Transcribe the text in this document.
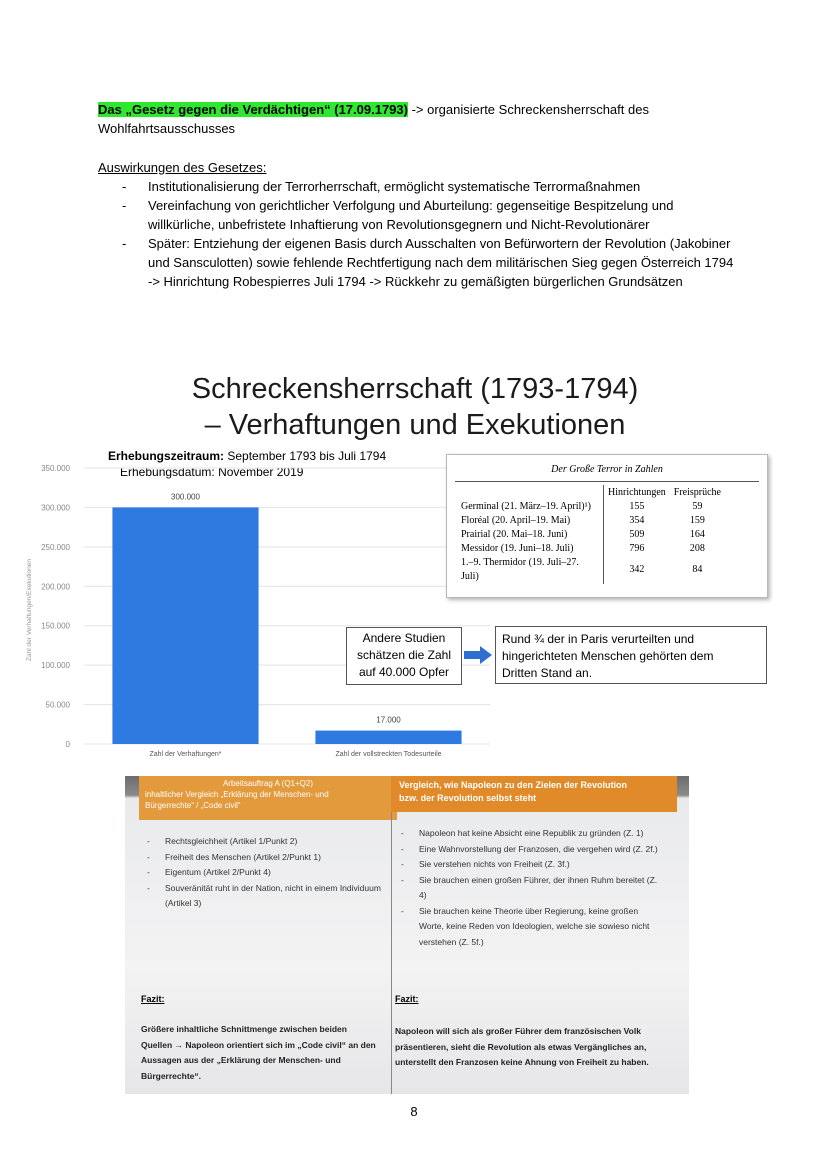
Das „Gesetz gegen die Verdächtigen“ (17.09.1793) -> organisierte Schreckensherrschaft des Wohlfahrtsausschusses
Auswirkungen des Gesetzes:
- Institutionalisierung der Terrorherrschaft, ermöglicht systematische Terrormaßnahmen
- Vereinfachung von gerichtlicher Verfolgung und Aburteilung: gegenseitige Bespitzelung und willkürliche, unbefristete Inhaftierung von Revolutionsgegnern und Nicht-Revolutionärer
- Später: Entziehung der eigenen Basis durch Ausschalten von Befürwortern der Revolution (Jakobiner und Sansculotten) sowie fehlende Rechtfertigung nach dem militärischen Sieg gegen Österreich 1794 -> Hinrichtung Robespierres Juli 1794 -> Rückkehr zu gemäßigten bürgerlichen Grundsätzen
Schreckensherrschaft (1793-1794)
– Verhaftungen und Exekutionen
Erhebungszeitraum: September 1793 bis Juli 1794
Erhebungsdatum: November 2019
0
50.000
100.000
150.000
200.000
250.000
300.000
350.000
Zahl der Verhaftungen/Exekutionen
300.000
Zahl der Verhaftungen*
17.000
Zahl der vollstreckten Todesurteile
Der Große Terror in Zahlen
	Hinrichtungen	Freisprüche
Germinal (21. März–19. April)¹)	155	59
Floréal (20. April–19. Mai)	354	159
Prairial (20. Mai–18. Juni)	509	164
Messidor (19. Juni–18. Juli)	796	208
1.–9. Thermidor (19. Juli–27. Juli)	342	84
Andere Studien
schätzen die Zahl
auf 40.000 Opfer
Rund ¾ der in Paris verurteilten und
hingerichteten Menschen gehörten dem
Dritten Stand an.
Arbeitsauftrag A (Q1+Q2)
inhaltlicher Vergleich „Erklärung der Menschen- und
Bürgerrechte“ / „Code civil“
Vergleich, wie Napoleon zu den Zielen der Revolution
bzw. der Revolution selbst steht
- Rechtsgleichheit (Artikel 1/Punkt 2)
- Freiheit des Menschen (Artikel 2/Punkt 1)
- Eigentum (Artikel 2/Punkt 4)
- Souveränität ruht in der Nation, nicht in einem Individuum (Artikel 3)
- Napoleon hat keine Absicht eine Republik zu gründen (Z. 1)
- Eine Wahnvorstellung der Franzosen, die vergehen wird (Z. 2f.)
- Sie verstehen nichts von Freiheit (Z. 3f.)
- Sie brauchen einen großen Führer, der ihnen Ruhm bereitet (Z. 4)
- Sie brauchen keine Theorie über Regierung, keine großen Worte, keine Reden von Ideologien, welche sie sowieso nicht verstehen (Z. 5f.)
Fazit:	Fazit:
Größere inhaltliche Schnittmenge zwischen beiden Quellen → Napoleon orientiert sich im „Code civil“ an den Aussagen aus der „Erklärung der Menschen- und Bürgerrechte“.
Napoleon will sich als großer Führer dem französischen Volk präsentieren, sieht die Revolution als etwas Vergängliches an, unterstellt den Franzosen keine Ahnung von Freiheit zu haben.
8
